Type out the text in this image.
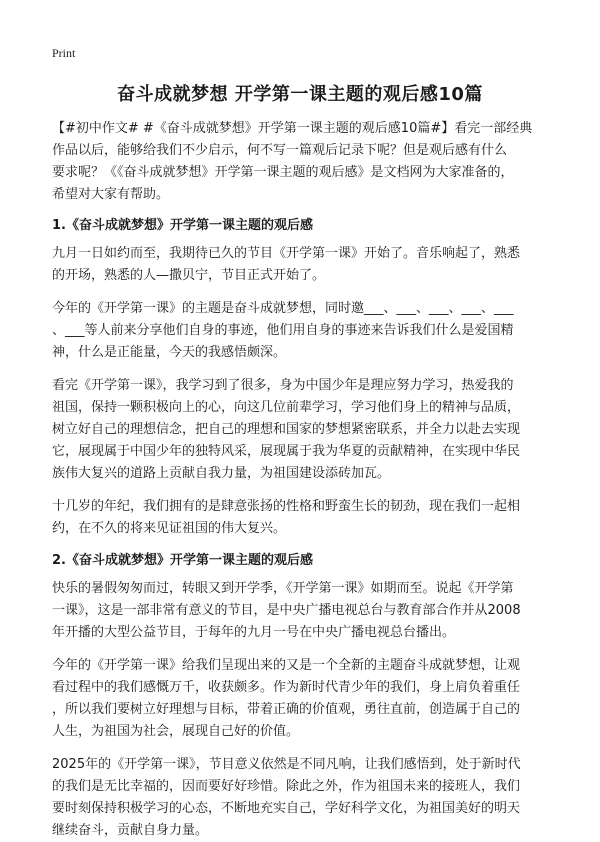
Print
奋斗成就梦想 开学第一课主题的观后感10篇

【#初中作文# #《奋斗成就梦想》开学第一课主题的观后感10篇#】看完一部经典

作品以后，能够给我们不少启示，何不写一篇观后记录下呢？但是观后感有什么

要求呢？《《奋斗成就梦想》开学第一课主题的观后感》是文档网为大家准备的，

希望对大家有帮助。

1.《奋斗成就梦想》开学第一课主题的观后感

九月一日如约而至，我期待已久的节目《开学第一课》开始了。音乐响起了，熟悉

的开场，熟悉的人—撒贝宁，节目正式开始了。

今年的《开学第一课》的主题是奋斗成就梦想，同时邀___、___、___、___、___

、___等人前来分享他们自身的事迹，他们用自身的事迹来告诉我们什么是爱国精

神，什么是正能量，今天的我感悟颇深。

看完《开学第一课》，我学习到了很多，身为中国少年是理应努力学习，热爱我的

祖国，保持一颗积极向上的心，向这几位前辈学习，学习他们身上的精神与品质，

树立好自己的理想信念，把自己的理想和国家的梦想紧密联系，并全力以赴去实现

它，展现属于中国少年的独特风采，展现属于我为华夏的贡献精神，在实现中华民

族伟大复兴的道路上贡献自我力量，为祖国建设添砖加瓦。

十几岁的年纪，我们拥有的是肆意张扬的性格和野蛮生长的韧劲，现在我们一起相

约，在不久的将来见证祖国的伟大复兴。

2.《奋斗成就梦想》开学第一课主题的观后感

快乐的暑假匆匆而过，转眼又到开学季，《开学第一课》如期而至。说起《开学第

一课》，这是一部非常有意义的节目，是中央广播电视总台与教育部合作并从2008

年开播的大型公益节目，于每年的九月一号在中央广播电视总台播出。

今年的《开学第一课》给我们呈现出来的又是一个全新的主题奋斗成就梦想，让观

看过程中的我们感慨万千，收获颇多。作为新时代青少年的我们，身上肩负着重任

，所以我们要树立好理想与目标，带着正确的价值观，勇往直前，创造属于自己的

人生，为祖国为社会，展现自己好的价值。

2025年的《开学第一课》，节目意义依然是不同凡响，让我们感悟到，处于新时代

的我们是无比幸福的，因而要好好珍惜。除此之外，作为祖国未来的接班人，我们

要时刻保持积极学习的心态，不断地充实自己，学好科学文化，为祖国美好的明天

继续奋斗，贡献自身力量。
